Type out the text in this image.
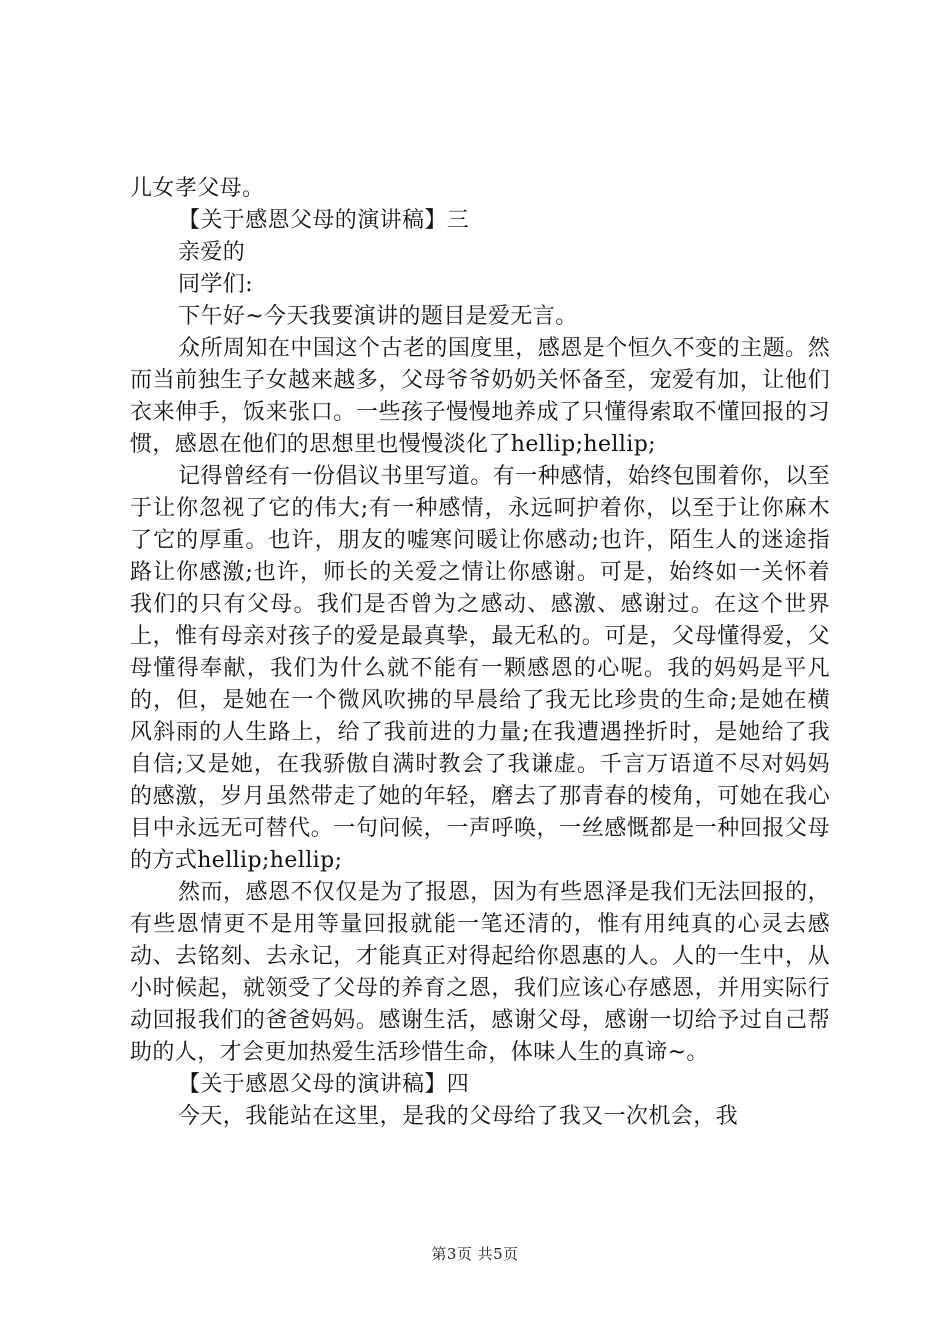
儿女孝父母。

【关于感恩父母的演讲稿】三

亲爱的

同学们:

下午好~今天我要演讲的题目是爱无言。

众所周知在中国这个古老的国度里，感恩是个恒久不变的主题。然而当前独生子女越来越多，父母爷爷奶奶关怀备至，宠爱有加，让他们衣来伸手，饭来张口。一些孩子慢慢地养成了只懂得索取不懂回报的习惯，感恩在他们的思想里也慢慢淡化了hellip;hellip;

记得曾经有一份倡议书里写道。有一种感情，始终包围着你，以至于让你忽视了它的伟大;有一种感情，永远呵护着你，以至于让你麻木了它的厚重。也许，朋友的嘘寒问暖让你感动;也许，陌生人的迷途指路让你感激;也许，师长的关爱之情让你感谢。可是，始终如一关怀着我们的只有父母。我们是否曾为之感动、感激、感谢过。在这个世界上，惟有母亲对孩子的爱是最真挚，最无私的。可是，父母懂得爱，父母懂得奉献，我们为什么就不能有一颗感恩的心呢。我的妈妈是平凡的，但，是她在一个微风吹拂的早晨给了我无比珍贵的生命;是她在横风斜雨的人生路上，给了我前进的力量;在我遭遇挫折时，是她给了我自信;又是她，在我骄傲自满时教会了我谦虚。千言万语道不尽对妈妈的感激，岁月虽然带走了她的年轻，磨去了那青春的棱角，可她在我心目中永远无可替代。一句问候，一声呼唤，一丝感慨都是一种回报父母的方式hellip;hellip;

然而，感恩不仅仅是为了报恩，因为有些恩泽是我们无法回报的，有些恩情更不是用等量回报就能一笔还清的，惟有用纯真的心灵去感动、去铭刻、去永记，才能真正对得起给你恩惠的人。人的一生中，从小时候起，就领受了父母的养育之恩，我们应该心存感恩，并用实际行动回报我们的爸爸妈妈。感谢生活，感谢父母，感谢一切给予过自己帮助的人，才会更加热爱生活珍惜生命，体味人生的真谛~。

【关于感恩父母的演讲稿】四

今天，我能站在这里，是我的父母给了我又一次机会，我

第3页 共5页
